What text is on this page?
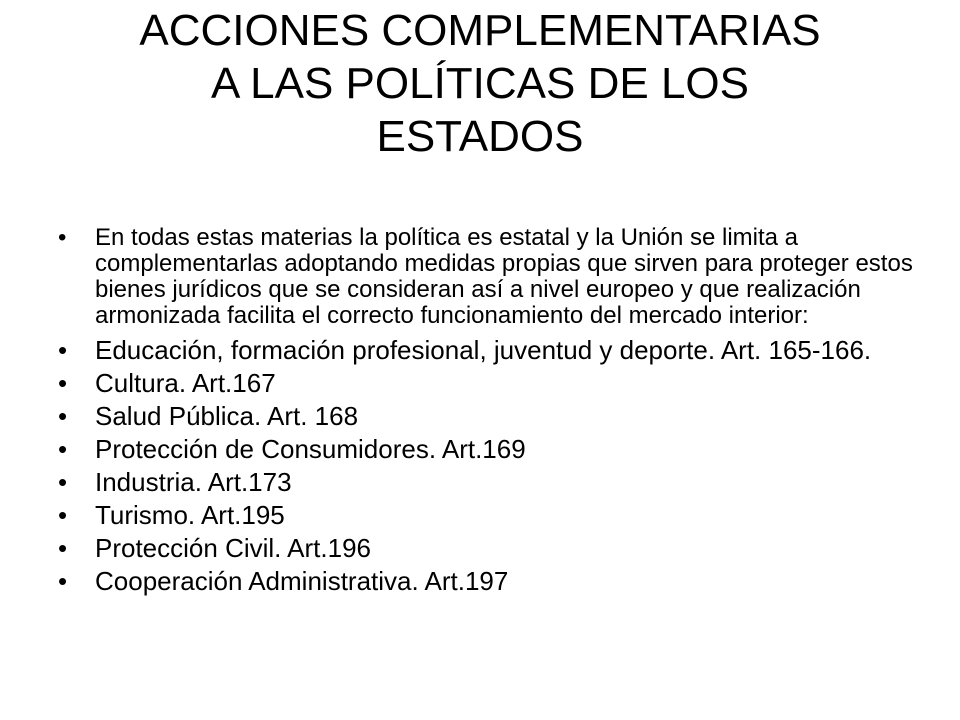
ACCIONES COMPLEMENTARIAS
A LAS POLÍTICAS DE LOS
ESTADOS
• En todas estas materias la política es estatal y la Unión se limita a complementarlas adoptando medidas propias que sirven para proteger estos bienes jurídicos que se consideran así a nivel europeo y que realización armonizada facilita el correcto funcionamiento del mercado interior:
• Educación, formación profesional, juventud y deporte. Art. 165-166.
• Cultura. Art.167
• Salud Pública. Art. 168
• Protección de Consumidores. Art.169
• Industria. Art.173
• Turismo. Art.195
• Protección Civil. Art.196
• Cooperación Administrativa. Art.197
